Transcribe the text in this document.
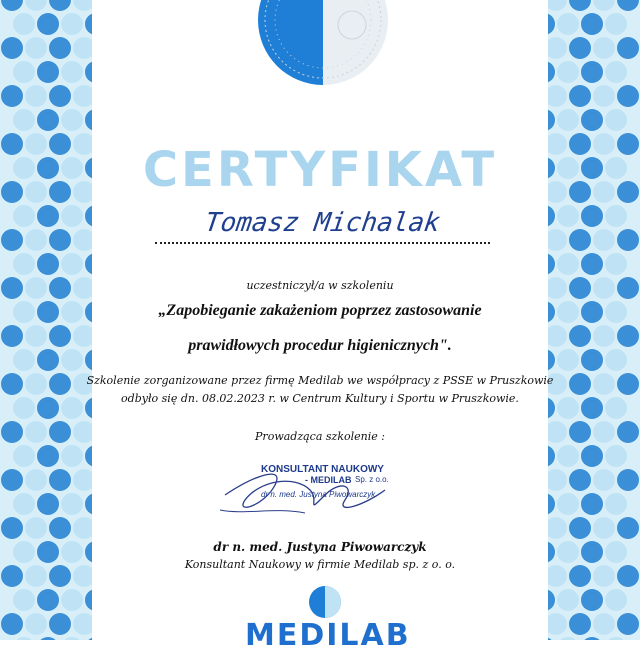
CERTYFIKAT
Tomasz Michalak
uczestniczył/a w szkoleniu
„Zapobieganie zakażeniom poprzez zastosowanie
prawidłowych procedur higienicznych".
Szkolenie zorganizowane przez firmę Medilab we współpracy z PSSE w Pruszkowie
odbyło się dn. 08.02.2023 r. w Centrum Kultury i Sportu w Pruszkowie.
Prowadząca szkolenie :
KONSULTANT NAUKOWY
- MEDILAB Sp. z o.o.
dr n. med. Justyna Piwowarczyk
dr n. med. Justyna Piwowarczyk
Konsultant Naukowy w firmie Medilab sp. z o. o.
MEDILAB
